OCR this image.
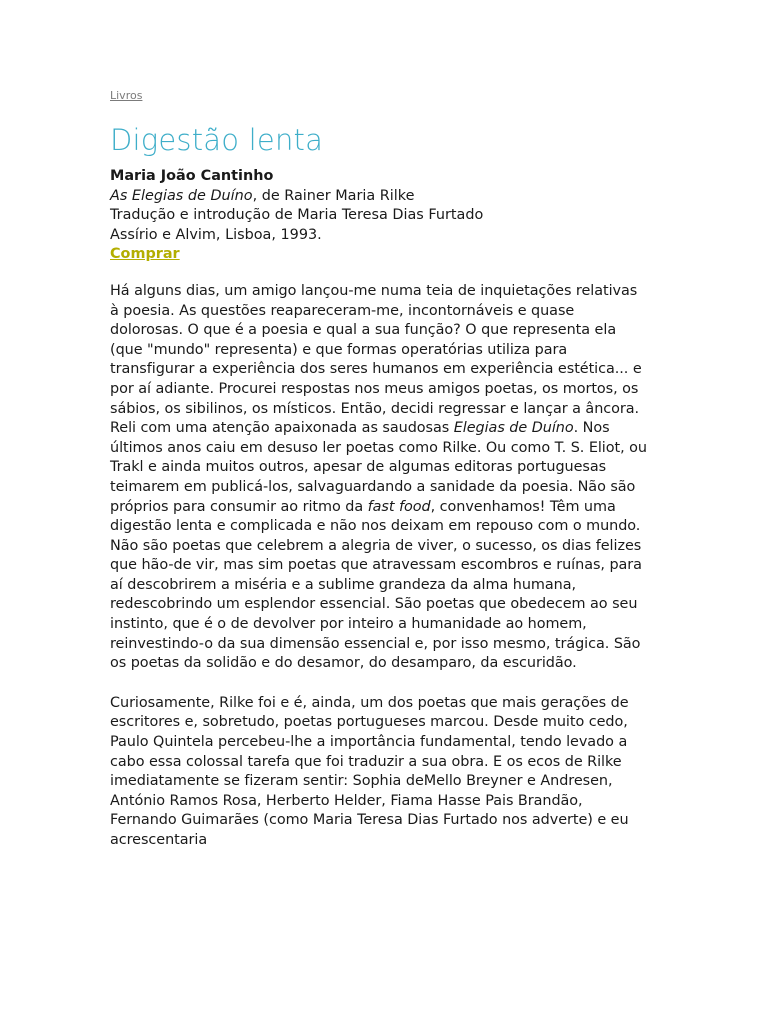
Livros
Digestão lenta
Maria João Cantinho
As Elegias de Duíno, de Rainer Maria Rilke
Tradução e introdução de Maria Teresa Dias Furtado
Assírio e Alvim, Lisboa, 1993.
Comprar

Há alguns dias, um amigo lançou-me numa teia de inquietações relativas à poesia. As questões reapareceram-me, incontornáveis e quase dolorosas. O que é a poesia e qual a sua função? O que representa ela (que "mundo" representa) e que formas operatórias utiliza para transfigurar a experiência dos seres humanos em experiência estética... e por aí adiante. Procurei respostas nos meus amigos poetas, os mortos, os sábios, os sibilinos, os místicos. Então, decidi regressar e lançar a âncora. Reli com uma atenção apaixonada as saudosas Elegias de Duíno. Nos últimos anos caiu em desuso ler poetas como Rilke. Ou como T. S. Eliot, ou Trakl e ainda muitos outros, apesar de algumas editoras portuguesas teimarem em publicá-los, salvaguardando a sanidade da poesia. Não são próprios para consumir ao ritmo da fast food, convenhamos! Têm uma digestão lenta e complicada e não nos deixam em repouso com o mundo. Não são poetas que celebrem a alegria de viver, o sucesso, os dias felizes que hão-de vir, mas sim poetas que atravessam escombros e ruínas, para aí descobrirem a miséria e a sublime grandeza da alma humana, redescobrindo um esplendor essencial. São poetas que obedecem ao seu instinto, que é o de devolver por inteiro a humanidade ao homem, reinvestindo-o da sua dimensão essencial e, por isso mesmo, trágica. São os poetas da solidão e do desamor, do desamparo, da escuridão.

Curiosamente, Rilke foi e é, ainda, um dos poetas que mais gerações de escritores e, sobretudo, poetas portugueses marcou. Desde muito cedo, Paulo Quintela percebeu-lhe a importância fundamental, tendo levado a cabo essa colossal tarefa que foi traduzir a sua obra. E os ecos de Rilke imediatamente se fizeram sentir: Sophia deMello Breyner e Andresen, António Ramos Rosa, Herberto Helder, Fiama Hasse Pais Brandão, Fernando Guimarães (como Maria Teresa Dias Furtado nos adverte) e eu acrescentaria
